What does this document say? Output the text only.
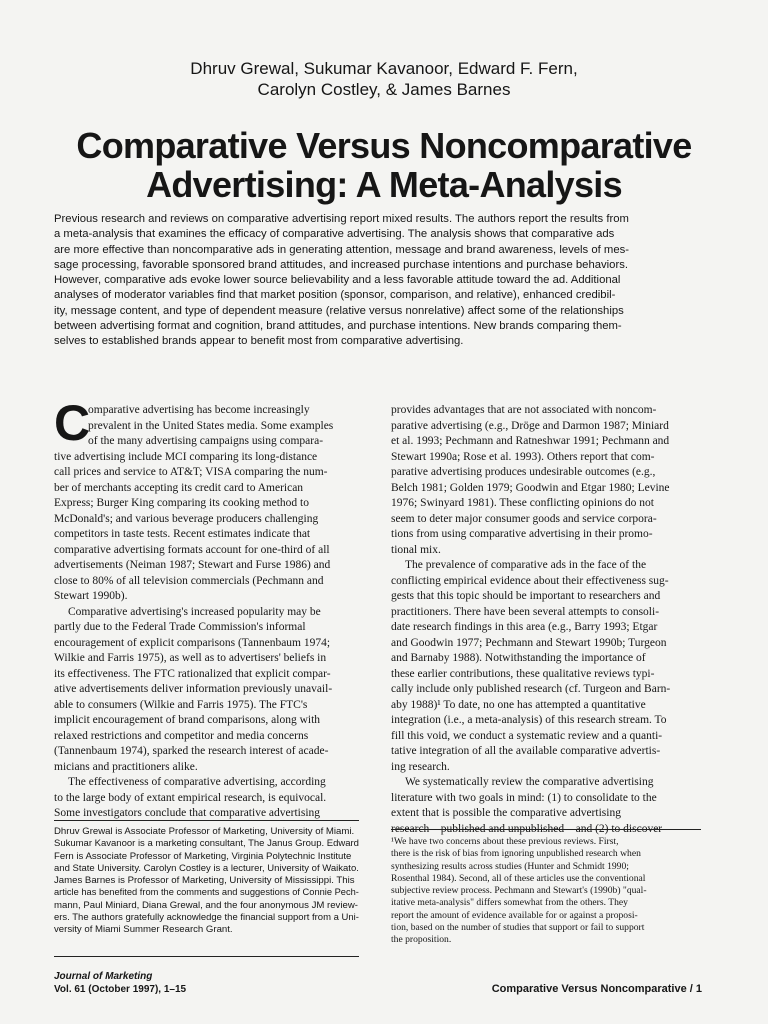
Dhruv Grewal, Sukumar Kavanoor, Edward F. Fern,
Carolyn Costley, & James Barnes
Comparative Versus Noncomparative
Advertising: A Meta-Analysis
Previous research and reviews on comparative advertising report mixed results. The authors report the results from
a meta-analysis that examines the efficacy of comparative advertising. The analysis shows that comparative ads
are more effective than noncomparative ads in generating attention, message and brand awareness, levels of mes-
sage processing, favorable sponsored brand attitudes, and increased purchase intentions and purchase behaviors.
However, comparative ads evoke lower source believability and a less favorable attitude toward the ad. Additional
analyses of moderator variables find that market position (sponsor, comparison, and relative), enhanced credibil-
ity, message content, and type of dependent measure (relative versus nonrelative) affect some of the relationships
between advertising format and cognition, brand attitudes, and purchase intentions. New brands comparing them-
selves to established brands appear to benefit most from comparative advertising.
C
omparative advertising has become increasingly
prevalent in the United States media. Some examples
of the many advertising campaigns using compara-
tive advertising include MCI comparing its long-distance
call prices and service to AT&T; VISA comparing the num-
ber of merchants accepting its credit card to American
Express; Burger King comparing its cooking method to
McDonald's; and various beverage producers challenging
competitors in taste tests. Recent estimates indicate that
comparative advertising formats account for one-third of all
advertisements (Neiman 1987; Stewart and Furse 1986) and
close to 80% of all television commercials (Pechmann and
Stewart 1990b).
Comparative advertising's increased popularity may be
partly due to the Federal Trade Commission's informal
encouragement of explicit comparisons (Tannenbaum 1974;
Wilkie and Farris 1975), as well as to advertisers' beliefs in
its effectiveness. The FTC rationalized that explicit compar-
ative advertisements deliver information previously unavail-
able to consumers (Wilkie and Farris 1975). The FTC's
implicit encouragement of brand comparisons, along with
relaxed restrictions and competitor and media concerns
(Tannenbaum 1974), sparked the research interest of acade-
micians and practitioners alike.
The effectiveness of comparative advertising, according
to the large body of extant empirical research, is equivocal.
Some investigators conclude that comparative advertising
provides advantages that are not associated with noncom-
parative advertising (e.g., Dröge and Darmon 1987; Miniard
et al. 1993; Pechmann and Ratneshwar 1991; Pechmann and
Stewart 1990a; Rose et al. 1993). Others report that com-
parative advertising produces undesirable outcomes (e.g.,
Belch 1981; Golden 1979; Goodwin and Etgar 1980; Levine
1976; Swinyard 1981). These conflicting opinions do not
seem to deter major consumer goods and service corpora-
tions from using comparative advertising in their promo-
tional mix.
The prevalence of comparative ads in the face of the
conflicting empirical evidence about their effectiveness sug-
gests that this topic should be important to researchers and
practitioners. There have been several attempts to consoli-
date research findings in this area (e.g., Barry 1993; Etgar
and Goodwin 1977; Pechmann and Stewart 1990b; Turgeon
and Barnaby 1988). Notwithstanding the importance of
these earlier contributions, these qualitative reviews typi-
cally include only published research (cf. Turgeon and Barn-
aby 1988)¹ To date, no one has attempted a quantitative
integration (i.e., a meta-analysis) of this research stream. To
fill this void, we conduct a systematic review and a quanti-
tative integration of all the available comparative advertis-
ing research.
We systematically review the comparative advertising
literature with two goals in mind: (1) to consolidate to the
extent that is possible the comparative advertising
research—published and unpublished—and (2) to discover
Dhruv Grewal is Associate Professor of Marketing, University of Miami.
Sukumar Kavanoor is a marketing consultant, The Janus Group. Edward
Fern is Associate Professor of Marketing, Virginia Polytechnic Institute
and State University. Carolyn Costley is a lecturer, University of Waikato.
James Barnes is Professor of Marketing, University of Mississippi. This
article has benefited from the comments and suggestions of Connie Pech-
mann, Paul Miniard, Diana Grewal, and the four anonymous JM review-
ers. The authors gratefully acknowledge the financial support from a Uni-
versity of Miami Summer Research Grant.
¹We have two concerns about these previous reviews. First,
there is the risk of bias from ignoring unpublished research when
synthesizing results across studies (Hunter and Schmidt 1990;
Rosenthal 1984). Second, all of these articles use the conventional
subjective review process. Pechmann and Stewart's (1990b) "qual-
itative meta-analysis" differs somewhat from the others. They
report the amount of evidence available for or against a proposi-
tion, based on the number of studies that support or fail to support
the proposition.
Journal of Marketing
Vol. 61 (October 1997), 1–15	Comparative Versus Noncomparative / 1
